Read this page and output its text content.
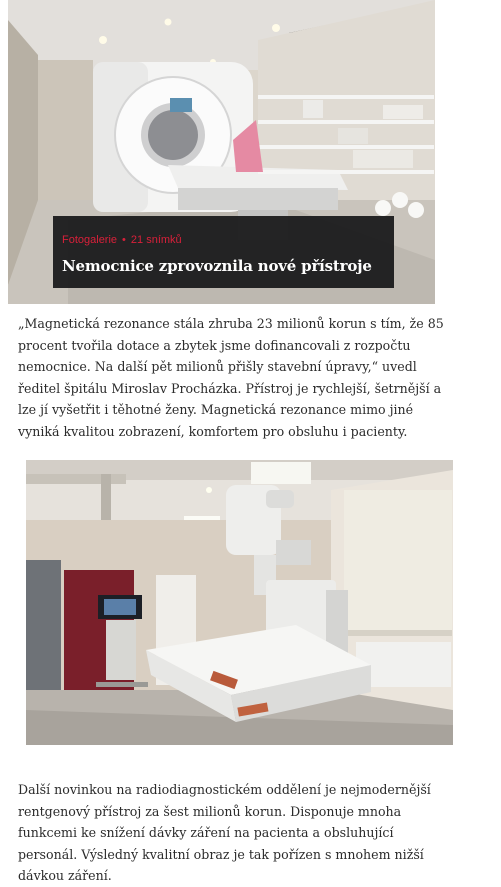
Fotogalerie • 21 snímků
Nemocnice zprovoznila nové přístroje

„Magnetická rezonance stála zhruba 23 milionů korun s tím, že 85 procent tvořila dotace a zbytek jsme dofinancovali z rozpočtu nemocnice. Na další pět milionů přišly stavební úpravy,“ uvedl ředitel špitálu Miroslav Procházka. Přístroj je rychlejší, šetrnější a lze jí vyšetřit i těhotné ženy. Magnetická rezonance mimo jiné vyniká kvalitou zobrazení, komfortem pro obsluhu i pacienty.

Další novinkou na radiodiagnostickém oddělení je nejmodernější rentgenový přístroj za šest milionů korun. Disponuje mnoha funkcemi ke snížení dávky záření na pacienta a obsluhující personál. Výsledný kvalitní obraz je tak pořízen s mnohem nižší dávkou záření.
